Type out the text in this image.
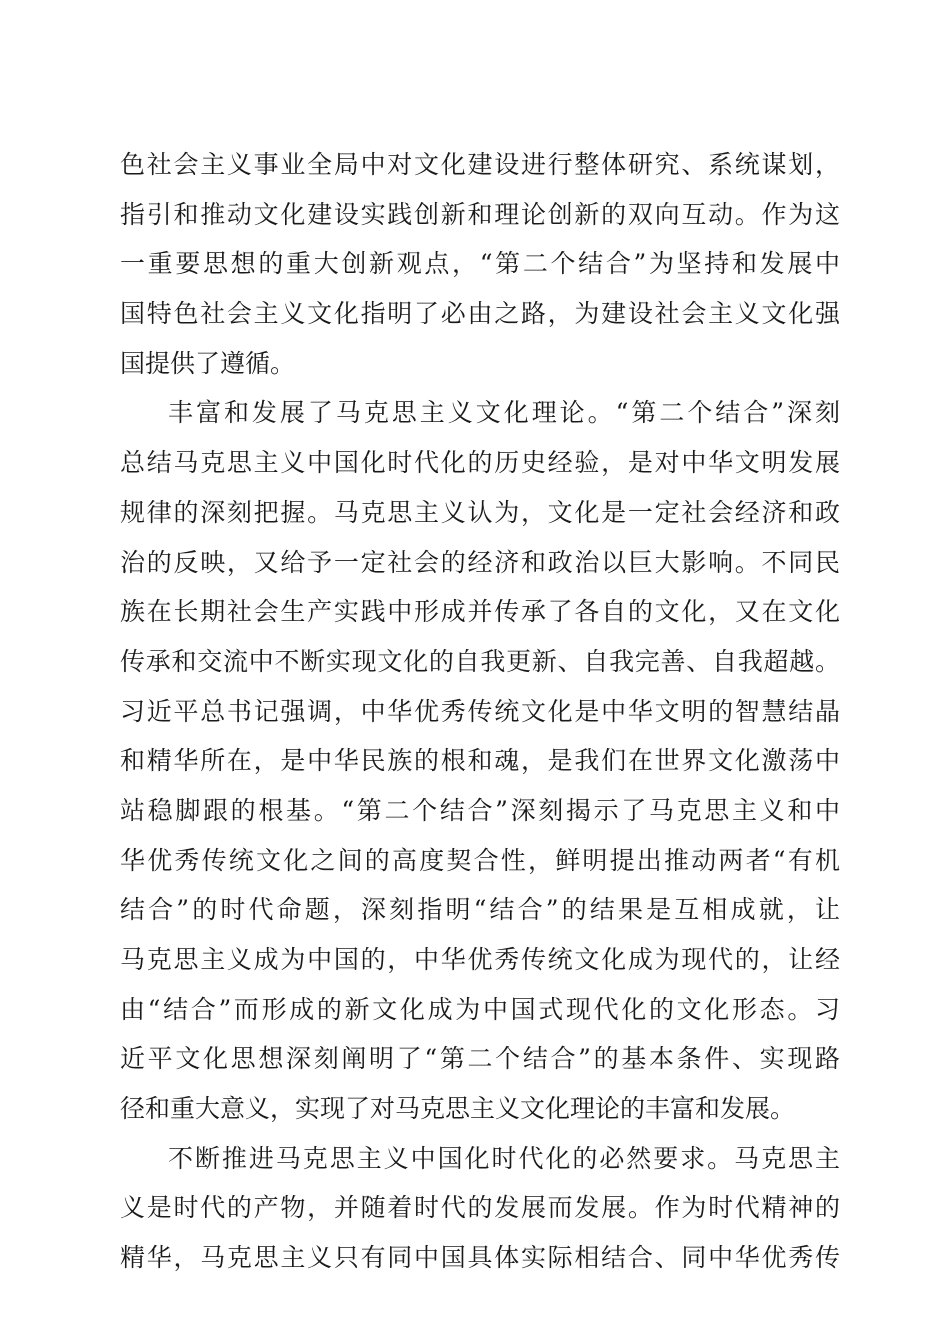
色社会主义事业全局中对文化建设进行整体研究、系统谋划，
指引和推动文化建设实践创新和理论创新的双向互动。作为这
一重要思想的重大创新观点，“第二个结合”为坚持和发展中
国特色社会主义文化指明了必由之路，为建设社会主义文化强
国提供了遵循。
丰富和发展了马克思主义文化理论。“第二个结合”深刻
总结马克思主义中国化时代化的历史经验，是对中华文明发展
规律的深刻把握。马克思主义认为，文化是一定社会经济和政
治的反映，又给予一定社会的经济和政治以巨大影响。不同民
族在长期社会生产实践中形成并传承了各自的文化，又在文化
传承和交流中不断实现文化的自我更新、自我完善、自我超越。
习近平总书记强调，中华优秀传统文化是中华文明的智慧结晶
和精华所在，是中华民族的根和魂，是我们在世界文化激荡中
站稳脚跟的根基。“第二个结合”深刻揭示了马克思主义和中
华优秀传统文化之间的高度契合性，鲜明提出推动两者“有机
结合”的时代命题，深刻指明“结合”的结果是互相成就，让
马克思主义成为中国的，中华优秀传统文化成为现代的，让经
由“结合”而形成的新文化成为中国式现代化的文化形态。习
近平文化思想深刻阐明了“第二个结合”的基本条件、实现路
径和重大意义，实现了对马克思主义文化理论的丰富和发展。
不断推进马克思主义中国化时代化的必然要求。马克思主
义是时代的产物，并随着时代的发展而发展。作为时代精神的
精华，马克思主义只有同中国具体实际相结合、同中华优秀传
